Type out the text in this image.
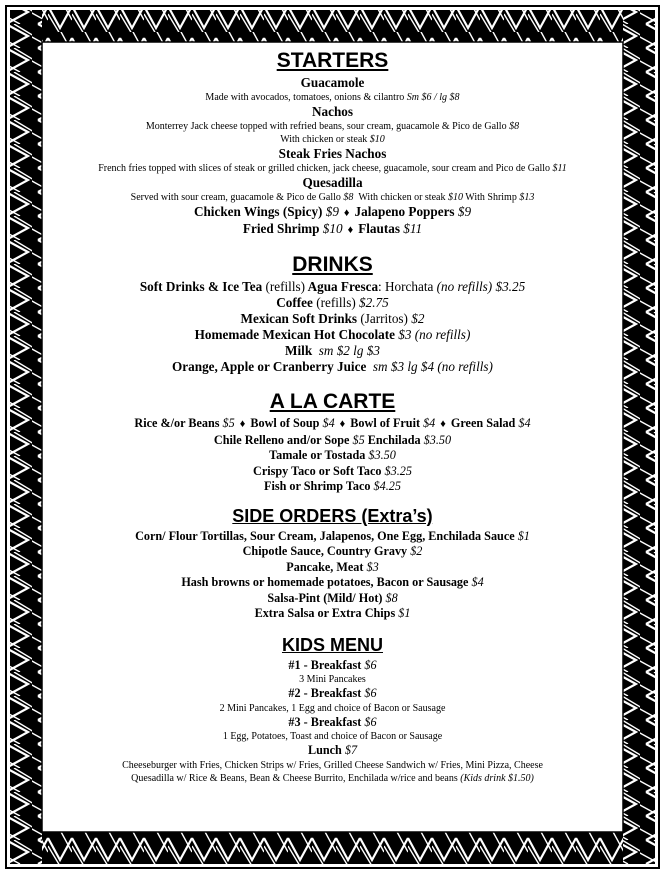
STARTERS
Guacamole
Made with avocados, tomatoes, onions & cilantro Sm $6 / lg $8
Nachos
Monterrey Jack cheese topped with refried beans, sour cream, guacamole & Pico de Gallo $8
With chicken or steak $10
Steak Fries Nachos
French fries topped with slices of steak or grilled chicken, jack cheese, guacamole, sour cream and Pico de Gallo $11
Quesadilla
Served with sour cream, guacamole & Pico de Gallo $8 With chicken or steak $10 With Shrimp $13
Chicken Wings (Spicy) $9 ♦ Jalapeno Poppers $9
Fried Shrimp $10 ♦ Flautas $11
DRINKS
Soft Drinks & Ice Tea (refills) Agua Fresca: Horchata (no refills) $3.25
Coffee (refills) $2.75
Mexican Soft Drinks (Jarritos) $2
Homemade Mexican Hot Chocolate $3 (no refills)
Milk sm $2 lg $3
Orange, Apple or Cranberry Juice sm $3 lg $4 (no refills)
A LA CARTE
Rice &/or Beans $5 ♦ Bowl of Soup $4 ♦ Bowl of Fruit $4 ♦ Green Salad $4
Chile Relleno and/or Sope $5 Enchilada $3.50
Tamale or Tostada $3.50
Crispy Taco or Soft Taco $3.25
Fish or Shrimp Taco $4.25
SIDE ORDERS (Extra’s)
Corn/ Flour Tortillas, Sour Cream, Jalapenos, One Egg, Enchilada Sauce $1
Chipotle Sauce, Country Gravy $2
Pancake, Meat $3
Hash browns or homemade potatoes, Bacon or Sausage $4
Salsa-Pint (Mild/ Hot) $8
Extra Salsa or Extra Chips $1
KIDS MENU
#1 - Breakfast $6
3 Mini Pancakes
#2 - Breakfast $6
2 Mini Pancakes, 1 Egg and choice of Bacon or Sausage
#3 - Breakfast $6
1 Egg, Potatoes, Toast and choice of Bacon or Sausage
Lunch $7
Cheeseburger with Fries, Chicken Strips w/ Fries, Grilled Cheese Sandwich w/ Fries, Mini Pizza, Cheese
Quesadilla w/ Rice & Beans, Bean & Cheese Burrito, Enchilada w/rice and beans (Kids drink $1.50)
